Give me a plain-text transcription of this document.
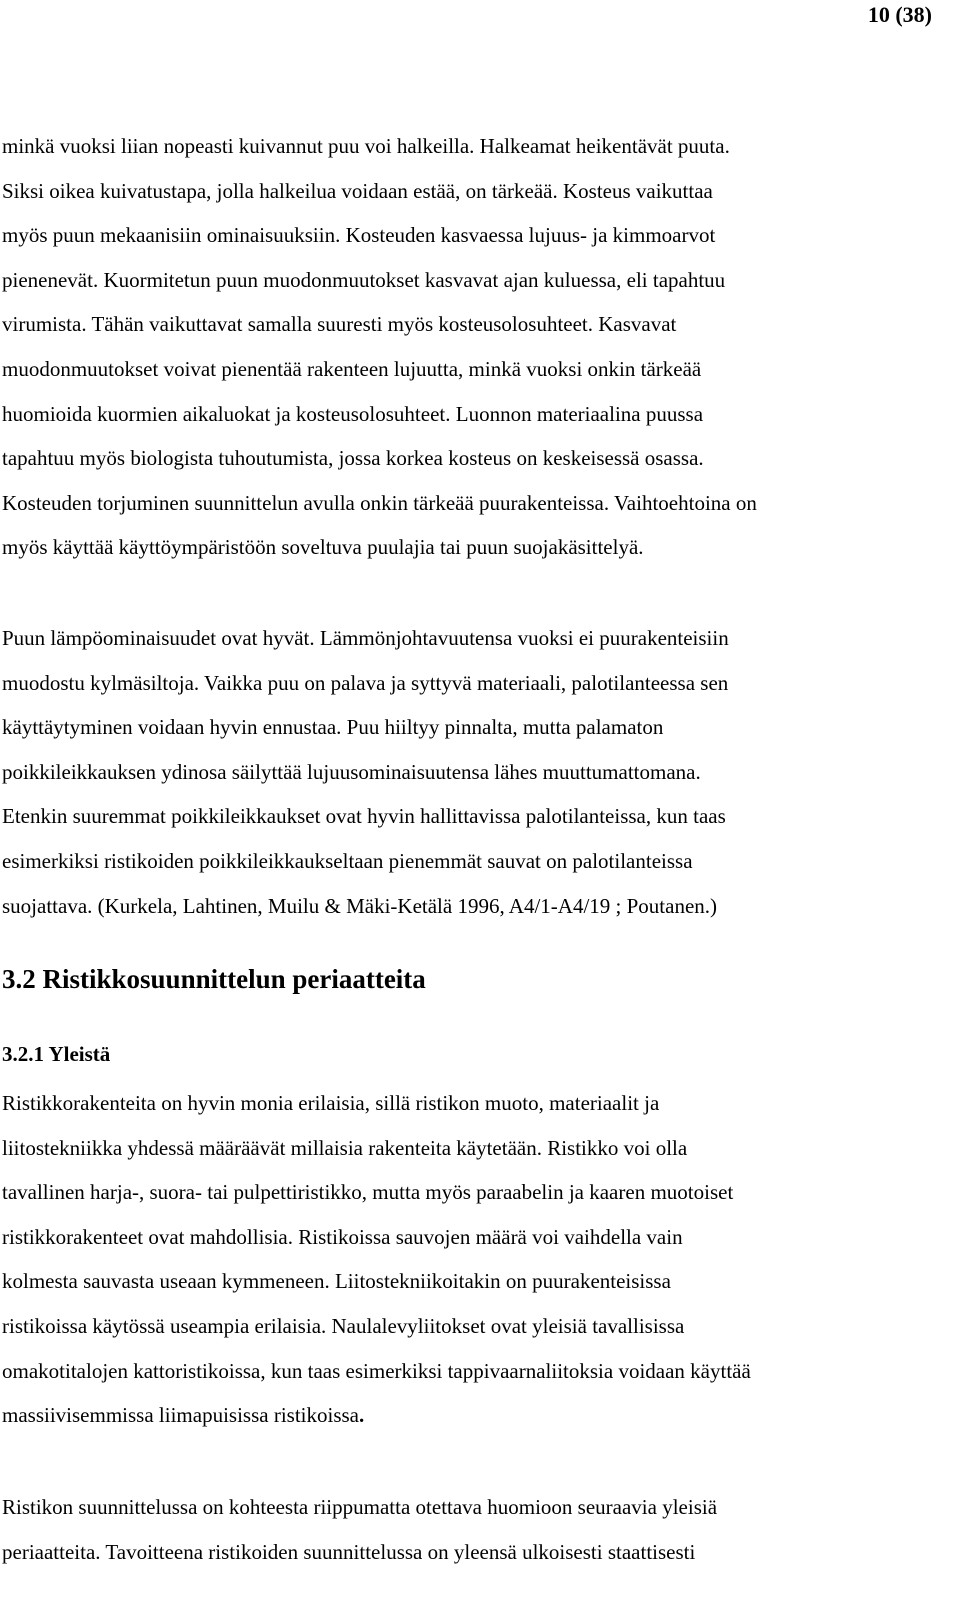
10 (38)
minkä vuoksi liian nopeasti kuivannut puu voi halkeilla. Halkeamat heikentävät puuta.
Siksi oikea kuivatustapa, jolla halkeilua voidaan estää, on tärkeää. Kosteus vaikuttaa
myös puun mekaanisiin ominaisuuksiin. Kosteuden kasvaessa lujuus- ja kimmoarvot
pienenevät. Kuormitetun puun muodonmuutokset kasvavat ajan kuluessa, eli tapahtuu
virumista. Tähän vaikuttavat samalla suuresti myös kosteusolosuhteet. Kasvavat
muodonmuutokset voivat pienentää rakenteen lujuutta, minkä vuoksi onkin tärkeää
huomioida kuormien aikaluokat ja kosteusolosuhteet. Luonnon materiaalina puussa
tapahtuu myös biologista tuhoutumista, jossa korkea kosteus on keskeisessä osassa.
Kosteuden torjuminen suunnittelun avulla onkin tärkeää puurakenteissa. Vaihtoehtoina on
myös käyttää käyttöympäristöön soveltuva puulajia tai puun suojakäsittelyä.
Puun lämpöominaisuudet ovat hyvät. Lämmönjohtavuutensa vuoksi ei puurakenteisiin
muodostu kylmäsiltoja. Vaikka puu on palava ja syttyvä materiaali, palotilanteessa sen
käyttäytyminen voidaan hyvin ennustaa. Puu hiiltyy pinnalta, mutta palamaton
poikkileikkauksen ydinosa säilyttää lujuusominaisuutensa lähes muuttumattomana.
Etenkin suuremmat poikkileikkaukset ovat hyvin hallittavissa palotilanteissa, kun taas
esimerkiksi ristikoiden poikkileikkaukseltaan pienemmät sauvat on palotilanteissa
suojattava. (Kurkela, Lahtinen, Muilu & Mäki-Ketälä 1996, A4/1-A4/19 ; Poutanen.)
3.2 Ristikkosuunnittelun periaatteita
3.2.1 Yleistä
Ristikkorakenteita on hyvin monia erilaisia, sillä ristikon muoto, materiaalit ja
liitostekniikka yhdessä määräävät millaisia rakenteita käytetään. Ristikko voi olla
tavallinen harja-, suora- tai pulpettiristikko, mutta myös paraabelin ja kaaren muotoiset
ristikkorakenteet ovat mahdollisia. Ristikoissa sauvojen määrä voi vaihdella vain
kolmesta sauvasta useaan kymmeneen. Liitostekniikoitakin on puurakenteisissa
ristikoissa käytössä useampia erilaisia. Naulalevyliitokset ovat yleisiä tavallisissa
omakotitalojen kattoristikoissa, kun taas esimerkiksi tappivaarnaliitoksia voidaan käyttää
massiivisemmissa liimapuisissa ristikoissa.
Ristikon suunnittelussa on kohteesta riippumatta otettava huomioon seuraavia yleisiä
periaatteita. Tavoitteena ristikoiden suunnittelussa on yleensä ulkoisesti staattisesti
